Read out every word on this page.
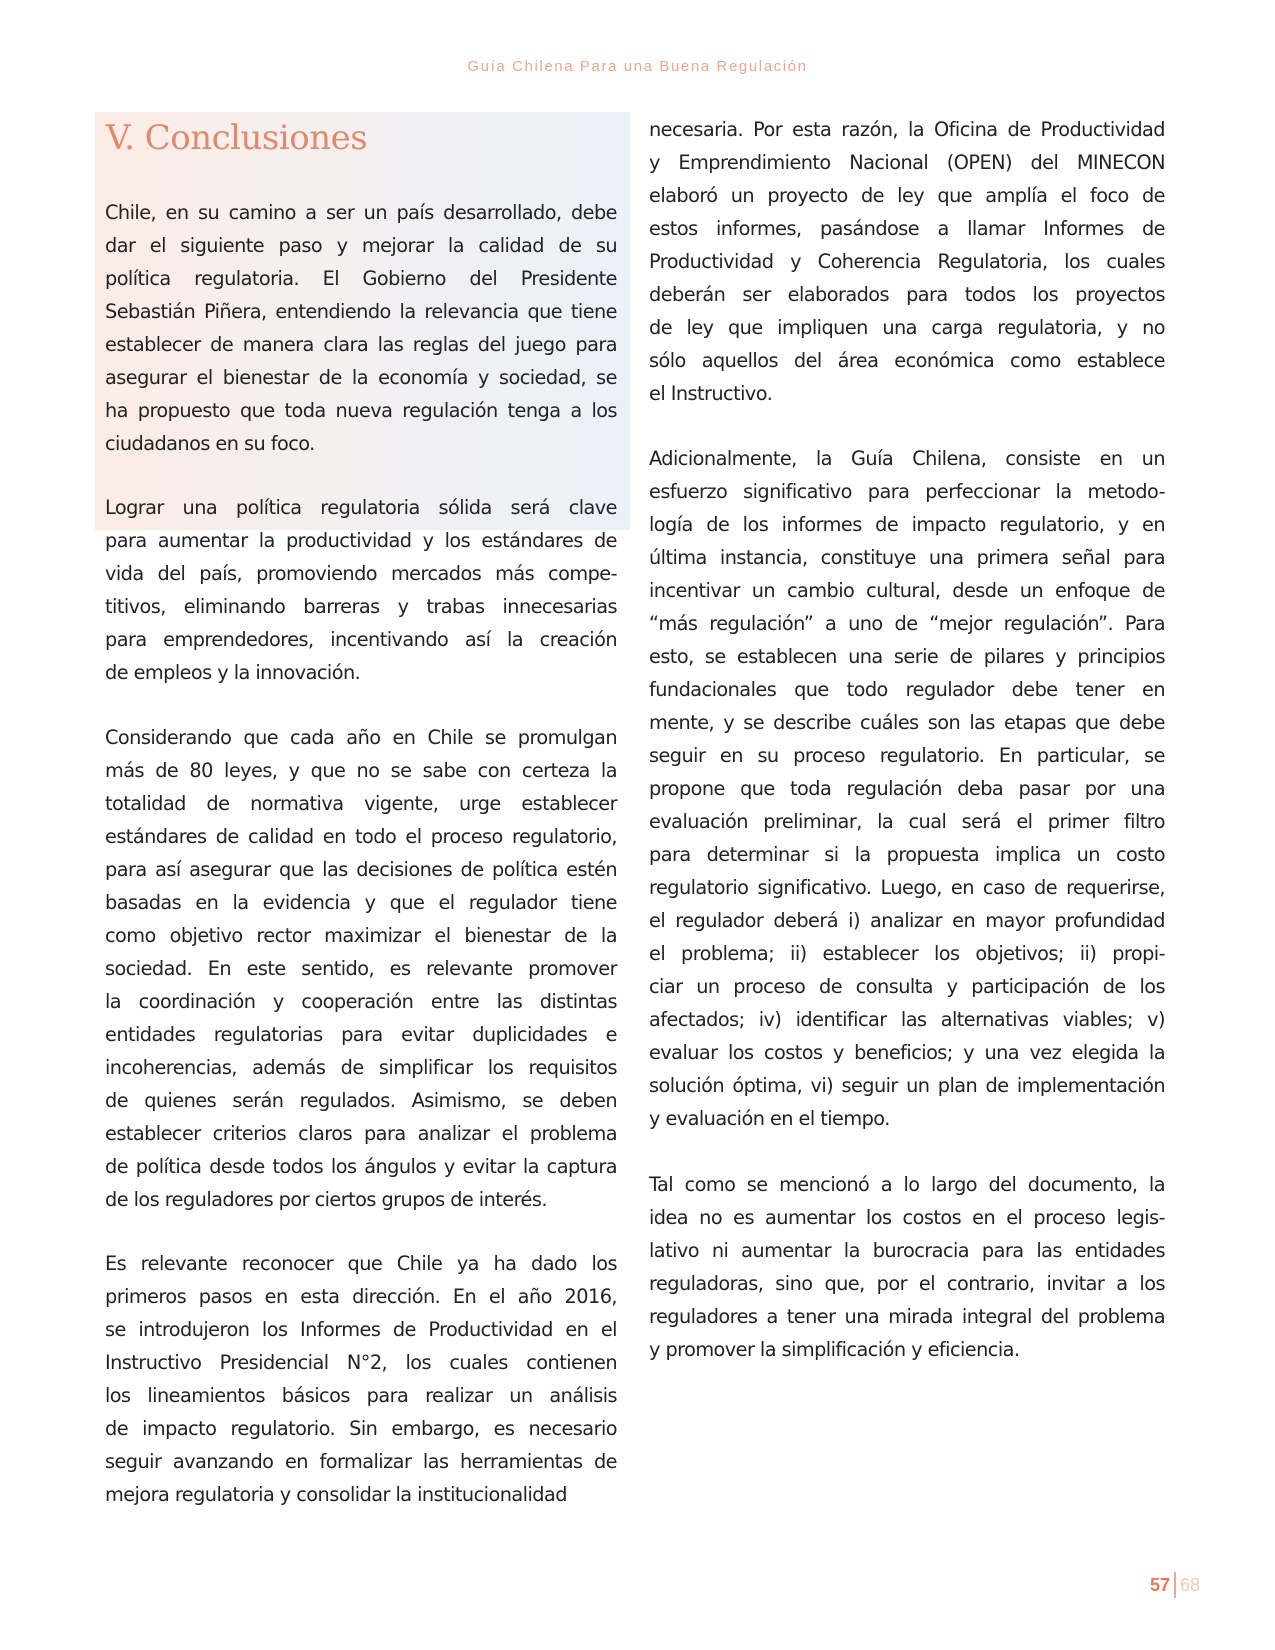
Guía Chilena Para una Buena Regulación
V. Conclusiones
Chile, en su camino a ser un país desarrollado, debe
dar el siguiente paso y mejorar la calidad de su
política regulatoria. El Gobierno del Presidente
Sebastián Piñera, entendiendo la relevancia que tiene
establecer de manera clara las reglas del juego para
asegurar el bienestar de la economía y sociedad, se
ha propuesto que toda nueva regulación tenga a los
ciudadanos en su foco.
Lograr una política regulatoria sólida será clave
para aumentar la productividad y los estándares de
vida del país, promoviendo mercados más compe-
titivos, eliminando barreras y trabas innecesarias
para emprendedores, incentivando así la creación
de empleos y la innovación.
Considerando que cada año en Chile se promulgan
más de 80 leyes, y que no se sabe con certeza la
totalidad de normativa vigente, urge establecer
estándares de calidad en todo el proceso regulatorio,
para así asegurar que las decisiones de política estén
basadas en la evidencia y que el regulador tiene
como objetivo rector maximizar el bienestar de la
sociedad. En este sentido, es relevante promover
la coordinación y cooperación entre las distintas
entidades regulatorias para evitar duplicidades e
incoherencias, además de simplificar los requisitos
de quienes serán regulados. Asimismo, se deben
establecer criterios claros para analizar el problema
de política desde todos los ángulos y evitar la captura
de los reguladores por ciertos grupos de interés.
Es relevante reconocer que Chile ya ha dado los
primeros pasos en esta dirección. En el año 2016,
se introdujeron los Informes de Productividad en el
Instructivo Presidencial N°2, los cuales contienen
los lineamientos básicos para realizar un análisis
de impacto regulatorio. Sin embargo, es necesario
seguir avanzando en formalizar las herramientas de
mejora regulatoria y consolidar la institucionalidad
necesaria. Por esta razón, la Oficina de Productividad
y Emprendimiento Nacional (OPEN) del MINECON
elaboró un proyecto de ley que amplía el foco de
estos informes, pasándose a llamar Informes de
Productividad y Coherencia Regulatoria, los cuales
deberán ser elaborados para todos los proyectos
de ley que impliquen una carga regulatoria, y no
sólo aquellos del área económica como establece
el Instructivo.
Adicionalmente, la Guía Chilena, consiste en un
esfuerzo significativo para perfeccionar la metodo-
logía de los informes de impacto regulatorio, y en
última instancia, constituye una primera señal para
incentivar un cambio cultural, desde un enfoque de
“más regulación” a uno de “mejor regulación”. Para
esto, se establecen una serie de pilares y principios
fundacionales que todo regulador debe tener en
mente, y se describe cuáles son las etapas que debe
seguir en su proceso regulatorio. En particular, se
propone que toda regulación deba pasar por una
evaluación preliminar, la cual será el primer filtro
para determinar si la propuesta implica un costo
regulatorio significativo. Luego, en caso de requerirse,
el regulador deberá i) analizar en mayor profundidad
el problema; ii) establecer los objetivos; ii) propi-
ciar un proceso de consulta y participación de los
afectados; iv) identificar las alternativas viables; v)
evaluar los costos y beneficios; y una vez elegida la
solución óptima, vi) seguir un plan de implementación
y evaluación en el tiempo.
Tal como se mencionó a lo largo del documento, la
idea no es aumentar los costos en el proceso legis-
lativo ni aumentar la burocracia para las entidades
reguladoras, sino que, por el contrario, invitar a los
reguladores a tener una mirada integral del problema
y promover la simplificación y eficiencia.
57 68
